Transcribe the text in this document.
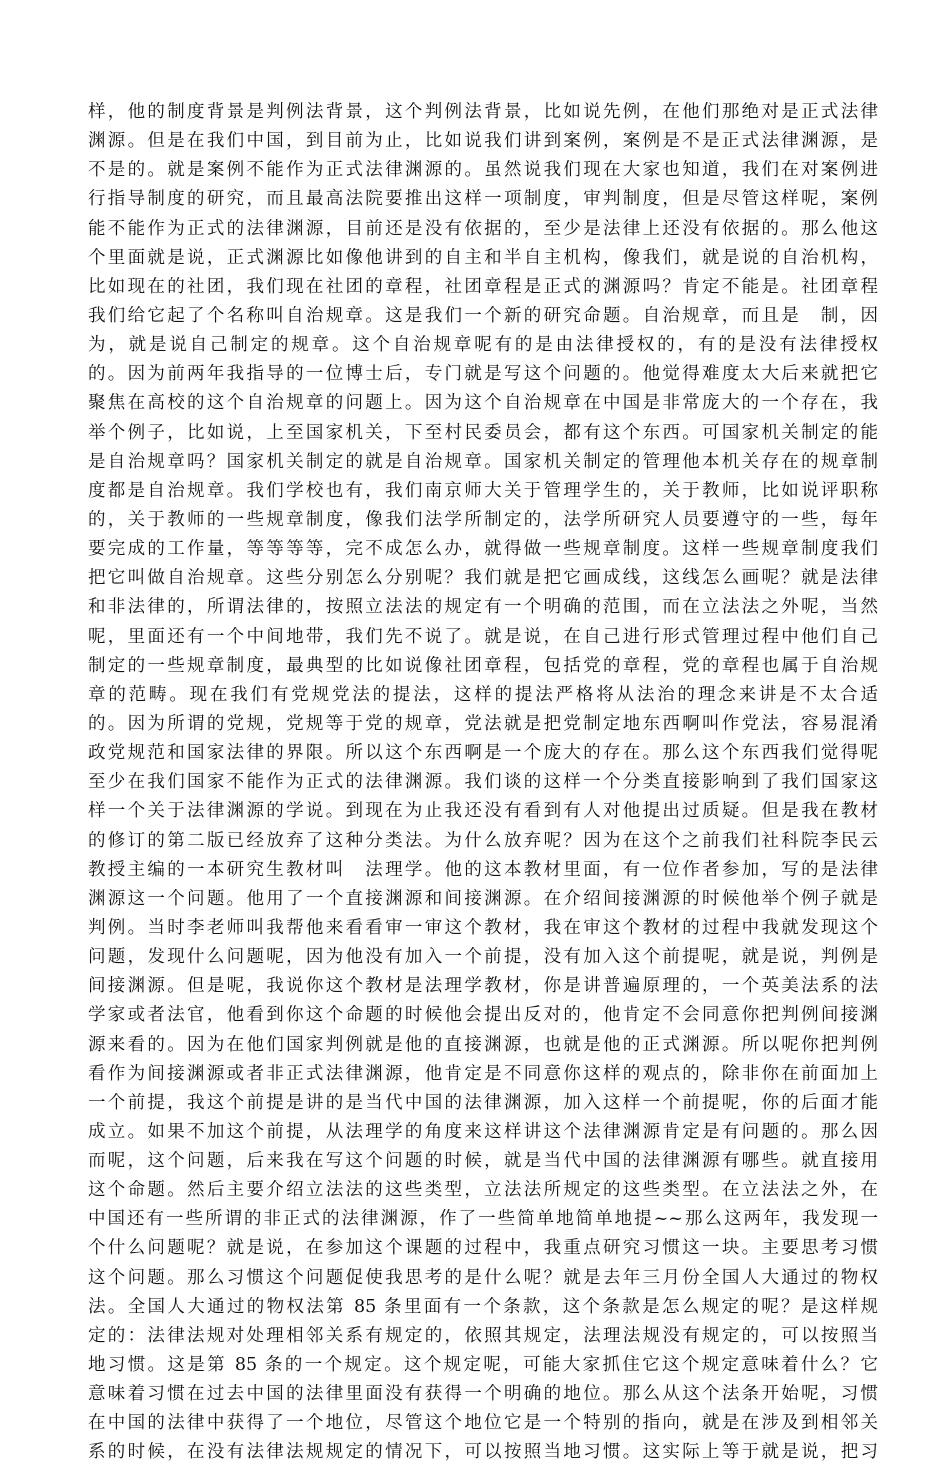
样，他的制度背景是判例法背景，这个判例法背景，比如说先例，在他们那绝对是正式法律
渊源。但是在我们中国，到目前为止，比如说我们讲到案例，案例是不是正式法律渊源，是
不是的。就是案例不能作为正式法律渊源的。虽然说我们现在大家也知道，我们在对案例进
行指导制度的研究，而且最高法院要推出这样一项制度，审判制度，但是尽管这样呢，案例
能不能作为正式的法律渊源，目前还是没有依据的，至少是法律上还没有依据的。那么他这
个里面就是说，正式渊源比如像他讲到的自主和半自主机构，像我们，就是说的自治机构，
比如现在的社团，我们现在社团的章程，社团章程是正式的渊源吗？肯定不能是。社团章程
我们给它起了个名称叫自治规章。这是我们一个新的研究命题。自治规章，而且是　制，因
为，就是说自己制定的规章。这个自治规章呢有的是由法律授权的，有的是没有法律授权
的。因为前两年我指导的一位博士后，专门就是写这个问题的。他觉得难度太大后来就把它
聚焦在高校的这个自治规章的问题上。因为这个自治规章在中国是非常庞大的一个存在，我
举个例子，比如说，上至国家机关，下至村民委员会，都有这个东西。可国家机关制定的能
是自治规章吗？国家机关制定的就是自治规章。国家机关制定的管理他本机关存在的规章制
度都是自治规章。我们学校也有，我们南京师大关于管理学生的，关于教师，比如说评职称
的，关于教师的一些规章制度，像我们法学所制定的，法学所研究人员要遵守的一些，每年
要完成的工作量，等等等等，完不成怎么办，就得做一些规章制度。这样一些规章制度我们
把它叫做自治规章。这些分别怎么分别呢？我们就是把它画成线，这线怎么画呢？就是法律
和非法律的，所谓法律的，按照立法法的规定有一个明确的范围，而在立法法之外呢，当然
呢，里面还有一个中间地带，我们先不说了。就是说，在自己进行形式管理过程中他们自己
制定的一些规章制度，最典型的比如说像社团章程，包括党的章程，党的章程也属于自治规
章的范畴。现在我们有党规党法的提法，这样的提法严格将从法治的理念来讲是不太合适
的。因为所谓的党规，党规等于党的规章，党法就是把党制定地东西啊叫作党法，容易混淆
政党规范和国家法律的界限。所以这个东西啊是一个庞大的存在。那么这个东西我们觉得呢
至少在我们国家不能作为正式的法律渊源。我们谈的这样一个分类直接影响到了我们国家这
样一个关于法律渊源的学说。到现在为止我还没有看到有人对他提出过质疑。但是我在教材
的修订的第二版已经放弃了这种分类法。为什么放弃呢？因为在这个之前我们社科院李民云
教授主编的一本研究生教材叫　法理学。他的这本教材里面，有一位作者参加，写的是法律
渊源这一个问题。他用了一个直接渊源和间接渊源。在介绍间接渊源的时候他举个例子就是
判例。当时李老师叫我帮他来看看审一审这个教材，我在审这个教材的过程中我就发现这个
问题，发现什么问题呢，因为他没有加入一个前提，没有加入这个前提呢，就是说，判例是
间接渊源。但是呢，我说你这个教材是法理学教材，你是讲普遍原理的，一个英美法系的法
学家或者法官，他看到你这个命题的时候他会提出反对的，他肯定不会同意你把判例间接渊
源来看的。因为在他们国家判例就是他的直接渊源，也就是他的正式渊源。所以呢你把判例
看作为间接渊源或者非正式法律渊源，他肯定是不同意你这样的观点的，除非你在前面加上
一个前提，我这个前提是讲的是当代中国的法律渊源，加入这样一个前提呢，你的后面才能
成立。如果不加这个前提，从法理学的角度来这样讲这个法律渊源肯定是有问题的。那么因
而呢，这个问题，后来我在写这个问题的时候，就是当代中国的法律渊源有哪些。就直接用
这个命题。然后主要介绍立法法的这些类型，立法法所规定的这些类型。在立法法之外，在
中国还有一些所谓的非正式的法律渊源，作了一些简单地简单地提~~那么这两年，我发现一
个什么问题呢？就是说，在参加这个课题的过程中，我重点研究习惯这一块。主要思考习惯
这个问题。那么习惯这个问题促使我思考的是什么呢？就是去年三月份全国人大通过的物权
法。全国人大通过的物权法第 85 条里面有一个条款，这个条款是怎么规定的呢？是这样规
定的：法律法规对处理相邻关系有规定的，依照其规定，法理法规没有规定的，可以按照当
地习惯。这是第 85 条的一个规定。这个规定呢，可能大家抓住它这个规定意味着什么？它
意味着习惯在过去中国的法律里面没有获得一个明确的地位。那么从这个法条开始呢，习惯
在中国的法律中获得了一个地位，尽管这个地位它是一个特别的指向，就是在涉及到相邻关
系的时候，在没有法律法规规定的情况下，可以按照当地习惯。这实际上等于就是说，把习
